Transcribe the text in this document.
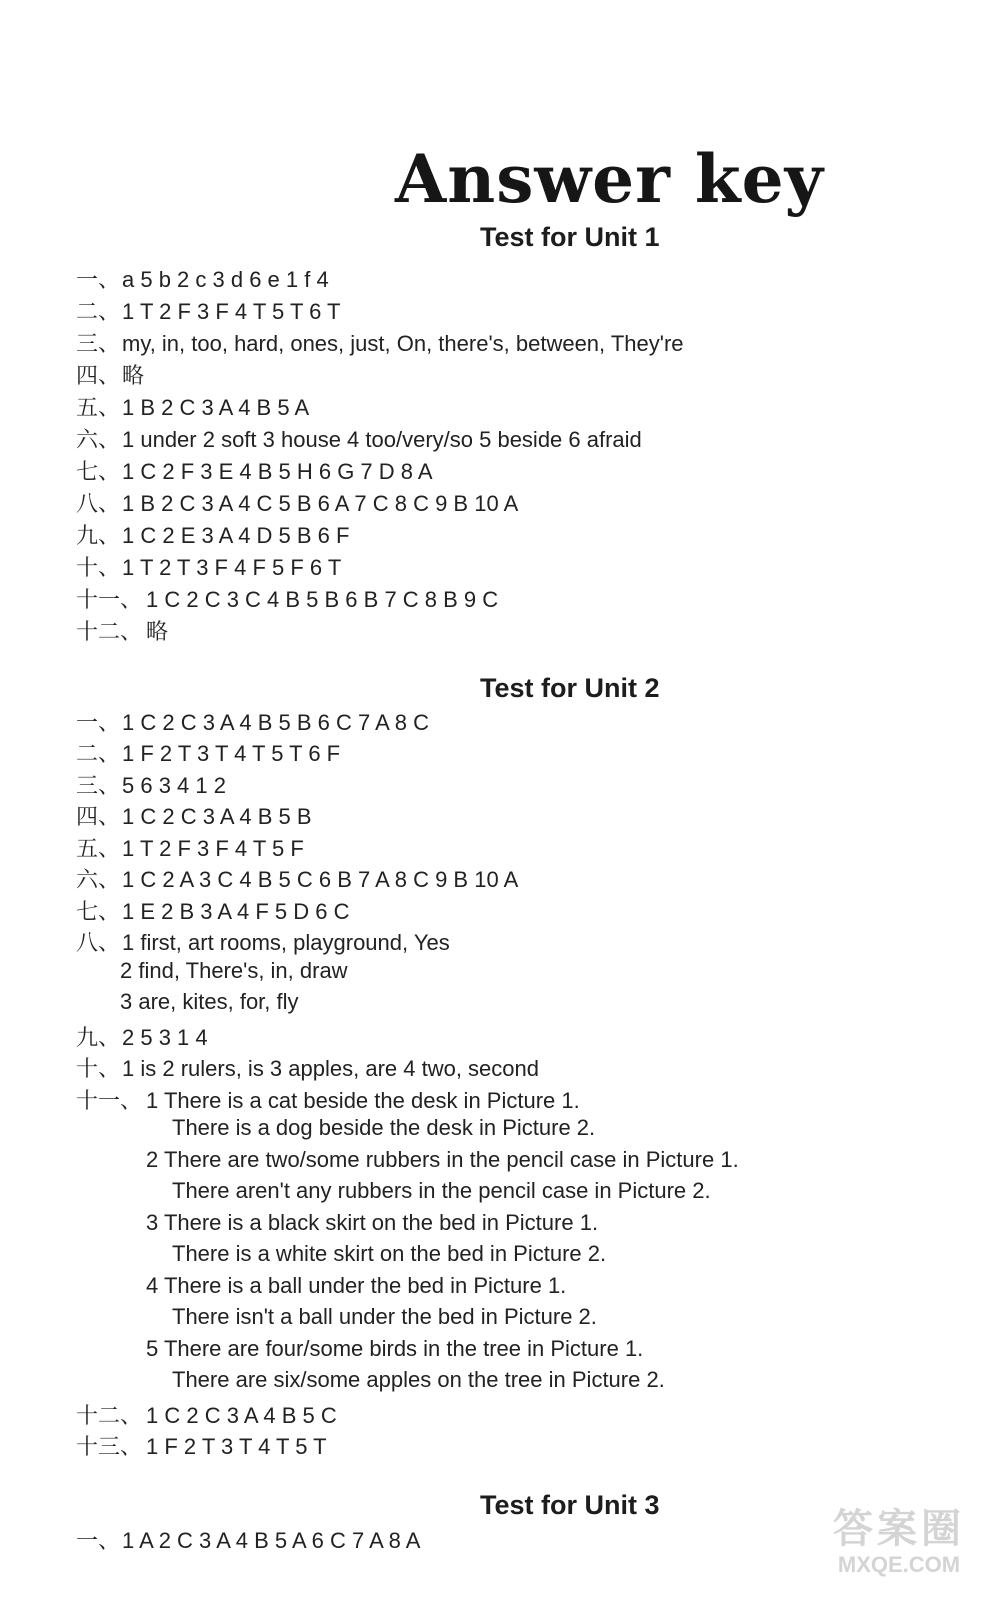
Answer key
Test for Unit 1
一、a 5 b 2 c 3 d 6 e 1 f 4
二、1 T 2 F 3 F 4 T 5 T 6 T
三、my, in, too, hard, ones, just, On, there's, between, They're
四、略
五、1 B 2 C 3 A 4 B 5 A
六、1 under 2 soft 3 house 4 too/very/so 5 beside 6 afraid
七、1 C 2 F 3 E 4 B 5 H 6 G 7 D 8 A
八、1 B 2 C 3 A 4 C 5 B 6 A 7 C 8 C 9 B 10 A
九、1 C 2 E 3 A 4 D 5 B 6 F
十、1 T 2 T 3 F 4 F 5 F 6 T
十一、 1 C 2 C 3 C 4 B 5 B 6 B 7 C 8 B 9 C
十二、 略
Test for Unit 2
一、1 C 2 C 3 A 4 B 5 B 6 C 7 A 8 C
二、1 F 2 T 3 T 4 T 5 T 6 F
三、5 6 3 4 1 2
四、1 C 2 C 3 A 4 B 5 B
五、1 T 2 F 3 F 4 T 5 F
六、1 C 2 A 3 C 4 B 5 C 6 B 7 A 8 C 9 B 10 A
七、1 E 2 B 3 A 4 F 5 D 6 C
八、1 first, art rooms, playground, Yes
2 find, There's, in, draw
3 are, kites, for, fly
九、2 5 3 1 4
十、1 is 2 rulers, is 3 apples, are 4 two, second
十一、 1 There is a cat beside the desk in Picture 1.
There is a dog beside the desk in Picture 2.
2 There are two/some rubbers in the pencil case in Picture 1.
There aren't any rubbers in the pencil case in Picture 2.
3 There is a black skirt on the bed in Picture 1.
There is a white skirt on the bed in Picture 2.
4 There is a ball under the bed in Picture 1.
There isn't a ball under the bed in Picture 2.
5 There are four/some birds in the tree in Picture 1.
There are six/some apples on the tree in Picture 2.
十二、 1 C 2 C 3 A 4 B 5 C
十三、 1 F 2 T 3 T 4 T 5 T
Test for Unit 3
一、1 A 2 C 3 A 4 B 5 A 6 C 7 A 8 A	答案圈
MXQE.COM
